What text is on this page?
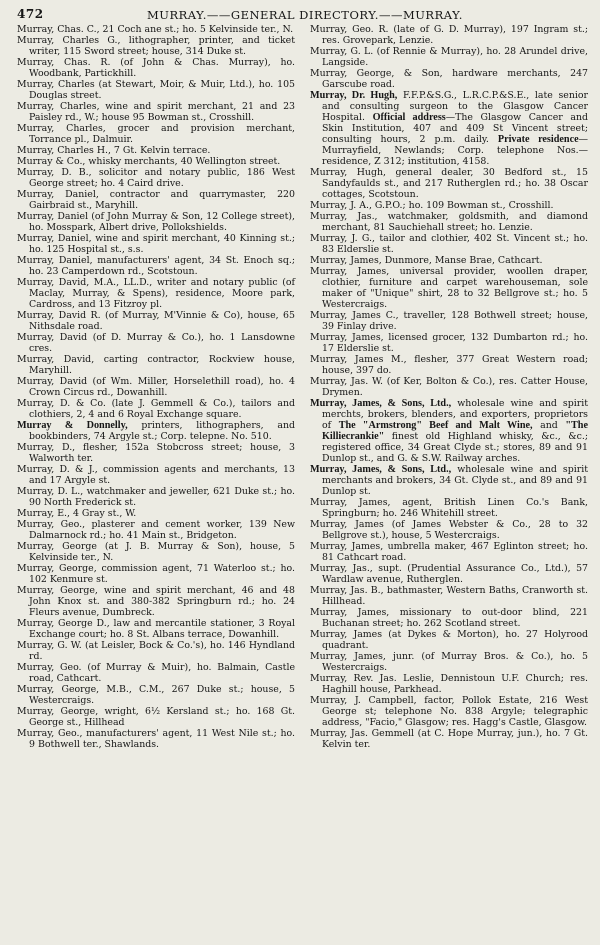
472	MURRAY.——GENERAL DIRECTORY.——MURRAY.

Murray, Chas. C., 21 Coch ane st.; ho. 5 Kelvinside ter., N.

Murray, Charles G., lithographer, printer, and ticket writer, 115 Sword street; house, 314 Duke st.

Murray, Chas. R. (of John & Chas. Murray), ho. Woodbank, Partickhill.

Murray, Charles (at Stewart, Moir, & Muir, Ltd.), ho. 105 Douglas street.

Murray, Charles, wine and spirit merchant, 21 and 23 Paisley rd., W.; house 95 Bowman st., Crosshill.

Murray, Charles, grocer and provision merchant, Torrance pl., Dalmuir.

Murray, Charles H., 7 Gt. Kelvin terrace.

Murray & Co., whisky merchants, 40 Wellington street.

Murray, D. B., solicitor and notary public, 186 West George street; ho. 4 Caird drive.

Murray, Daniel, contractor and quarrymaster, 220 Gairbraid st., Maryhill.

Murray, Daniel (of John Murray & Son, 12 College street), ho. Mosspark, Albert drive, Pollokshields.

Murray, Daniel, wine and spirit merchant, 40 Kinning st.; ho. 125 Hospital st., s.s.

Murray, Daniel, manufacturers' agent, 34 St. Enoch sq.; ho. 23 Camperdown rd., Scotstoun.

Murray, David, M.A., LL.D., writer and notary public (of Maclay, Murray, & Spens), residence, Moore park, Cardross, and 13 Fitzroy pl.

Murray, David R. (of Murray, M'Vinnie & Co), house, 65 Nithsdale road.

Murray, David (of D. Murray & Co.), ho. 1 Lansdowne cres.

Murray, David, carting contractor, Rockview house, Maryhill.

Murray, David (of Wm. Miller, Horselethill road), ho. 4 Crown Circus rd., Dowanhill.

Murray, D. & Co. (late J. Gemmell & Co.), tailors and clothiers, 2, 4 and 6 Royal Exchange square.

Murray & Donnelly, printers, lithographers, and bookbinders, 74 Argyle st.; Corp. telepne. No. 510.

Murray, D., flesher, 152a Stobcross street; house, 3 Walworth ter.

Murray, D. & J., commission agents and merchants, 13 and 17 Argyle st.

Murray, D. L., watchmaker and jeweller, 621 Duke st.; ho. 90 North Frederick st.

Murray, E., 4 Gray st., W.

Murray, Geo., plasterer and cement worker, 139 New Dalmarnock rd.; ho. 41 Main st., Bridgeton.

Murray, George (at J. B. Murray & Son), house, 5 Kelvinside ter., N.

Murray, George, commission agent, 71 Waterloo st.; ho. 102 Kenmure st.

Murray, George, wine and spirit merchant, 46 and 48 John Knox st. and 380-382 Springburn rd.; ho. 24 Fleurs avenue, Dumbreck.

Murray, George D., law and mercantile stationer, 3 Royal Exchange court; ho. 8 St. Albans terrace, Dowanhill.

Murray, G. W. (at Leisler, Bock & Co.'s), ho. 146 Hyndland rd.

Murray, Geo. (of Murray & Muir), ho. Balmain, Castle road, Cathcart.

Murray, George, M.B., C.M., 267 Duke st.; house, 5 Westercraigs.

Murray, George, wright, 6½ Kersland st.; ho. 168 Gt. George st., Hillhead

Murray, Geo., manufacturers' agent, 11 West Nile st.; ho. 9 Bothwell ter., Shawlands.

Murray, Geo. R. (late of G. D. Murray), 197 Ingram st.; res. Grovepark, Lenzie.

Murray, G. L. (of Rennie & Murray), ho. 28 Arundel drive, Langside.

Murray, George, & Son, hardware merchants, 247 Garscube road.

Murray, Dr. Hugh, F.F.P.&S.G., L.R.C.P.&S.E., late senior and consulting surgeon to the Glasgow Cancer Hospital. Official address—The Glasgow Cancer and Skin Institution, 407 and 409 St Vincent street; consulting hours, 2 p.m. daily. Private residence—Murrayfield, Newlands; Corp. telephone Nos.—residence, Z 312; institution, 4158.

Murray, Hugh, general dealer, 30 Bedford st., 15 Sandyfaulds st., and 217 Rutherglen rd.; ho. 38 Oscar cottages, Scotstoun.

Murray, J. A., G.P.O.; ho. 109 Bowman st., Crosshill.

Murray, Jas., watchmaker, goldsmith, and diamond merchant, 81 Sauchiehall street; ho. Lenzie.

Murray, J. G., tailor and clothier, 402 St. Vincent st.; ho. 83 Elderslie st.

Murray, James, Dunmore, Manse Brae, Cathcart.

Murray, James, universal provider, woollen draper, clothier, furniture and carpet warehouseman, sole maker of "Unique" shirt, 28 to 32 Bellgrove st.; ho. 5 Westercraigs.

Murray, James C., traveller, 128 Bothwell street; house, 39 Finlay drive.

Murray, James, licensed grocer, 132 Dumbarton rd.; ho. 17 Elderslie st.

Murray, James M., flesher, 377 Great Western road; house, 397 do.

Murray, Jas. W. (of Ker, Bolton & Co.), res. Catter House, Drymen.

Murray, James, & Sons, Ltd., wholesale wine and spirit merchts, brokers, blenders, and exporters, proprietors of The "Armstrong" Beef and Malt Wine, and "The Killiecrankie" finest old Highland whisky, &c., &c.; registered office, 34 Great Clyde st.; stores, 89 and 91 Dunlop st., and G. & S.W. Railway arches.

Murray, James, & Sons, Ltd., wholesale wine and spirit merchants and brokers, 34 Gt. Clyde st., and 89 and 91 Dunlop st.

Murray, James, agent, British Linen Co.'s Bank, Springburn; ho. 246 Whitehill street.

Murray, James (of James Webster & Co., 28 to 32 Bellgrove st.), house, 5 Westercraigs.

Murray, James, umbrella maker, 467 Eglinton street; ho. 81 Cathcart road.

Murray, Jas., supt. (Prudential Assurance Co., Ltd.), 57 Wardlaw avenue, Rutherglen.

Murray, Jas. B., bathmaster, Western Baths, Cranworth st. Hillhead.

Murray, James, missionary to out-door blind, 221 Buchanan street; ho. 262 Scotland street.

Murray, James (at Dykes & Morton), ho. 27 Holyrood quadrant.

Murray, James, junr. (of Murray Bros. & Co.), ho. 5 Westercraigs.

Murray, Rev. Jas. Leslie, Dennistoun U.F. Church; res. Haghill house, Parkhead.

Murray, J. Campbell, factor, Pollok Estate, 216 West George st; telephone No. 838 Argyle; telegraphic address, "Facio," Glasgow; res. Hagg's Castle, Glasgow.

Murray, Jas. Gemmell (at C. Hope Murray, jun.), ho. 7 Gt. Kelvin ter.
